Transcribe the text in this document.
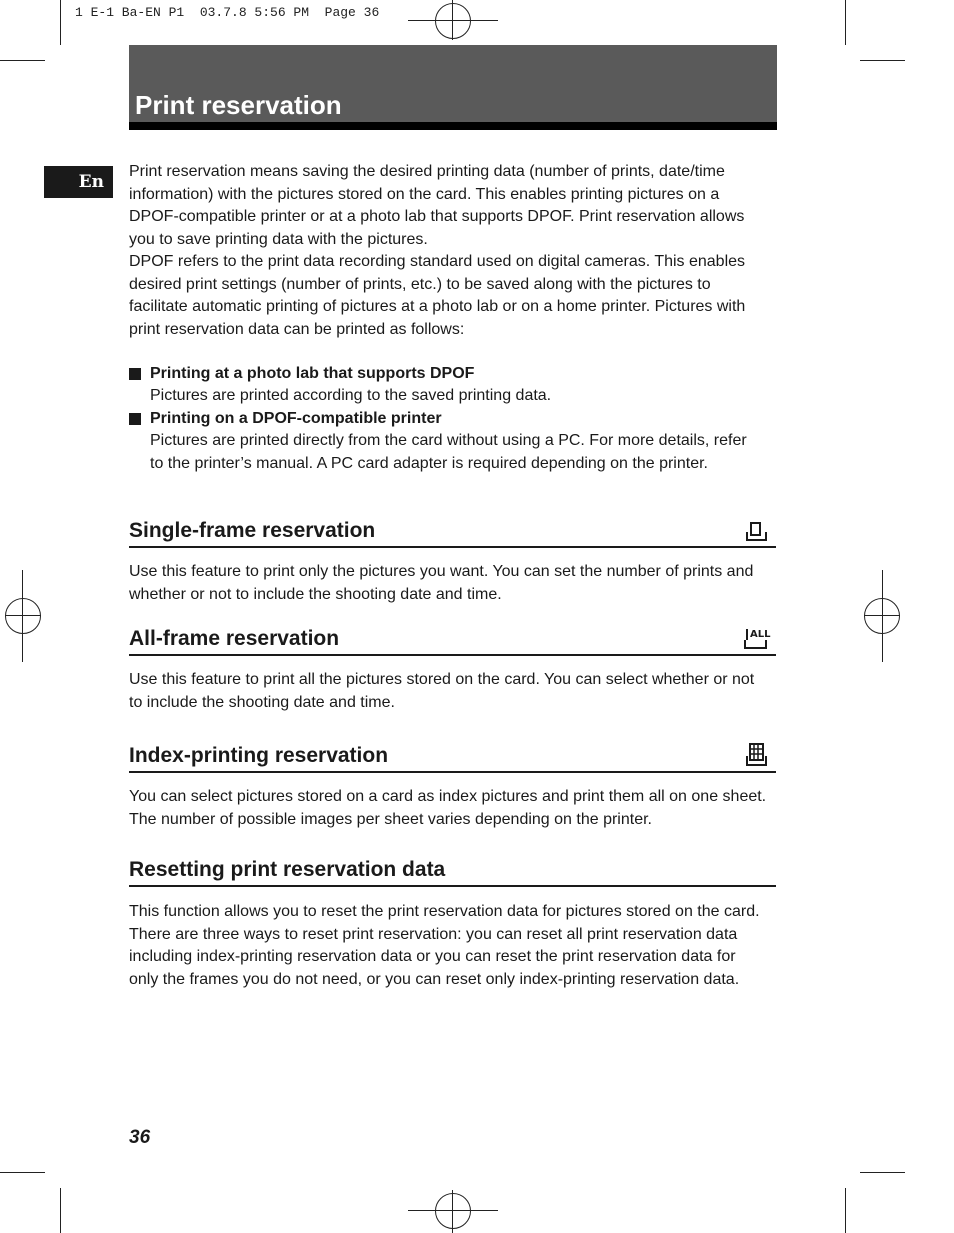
1 E-1 Ba-EN P1  03.7.8 5:56 PM  Page 36
Print reservation
En

Print reservation means saving the desired printing data (number of prints, date/time information) with the pictures stored on the card. This enables printing pictures on a DPOF-compatible printer or at a photo lab that supports DPOF. Print reservation allows you to save printing data with the pictures.

DPOF refers to the print data recording standard used on digital cameras. This enables desired print settings (number of prints, etc.) to be saved along with the pictures to facilitate automatic printing of pictures at a photo lab or on a home printer. Pictures with print reservation data can be printed as follows:

Printing at a photo lab that supports DPOF
Pictures are printed according to the saved printing data.
Printing on a DPOF-compatible printer
Pictures are printed directly from the card without using a PC. For more details, refer to the printer’s manual. A PC card adapter is required depending on the printer.
Single-frame reservation
Use this feature to print only the pictures you want. You can set the number of prints and whether or not to include the shooting date and time.
All-frame reservation	ALL
Use this feature to print all the pictures stored on the card. You can select whether or not to include the shooting date and time.
Index-printing reservation
You can select pictures stored on a card as index pictures and print them all on one sheet. The number of possible images per sheet varies depending on the printer.
Resetting print reservation data
This function allows you to reset the print reservation data for pictures stored on the card. There are three ways to reset print reservation: you can reset all print reservation data including index-printing reservation data or you can reset the print reservation data for only the frames you do not need, or you can reset only index-printing reservation data.
36
